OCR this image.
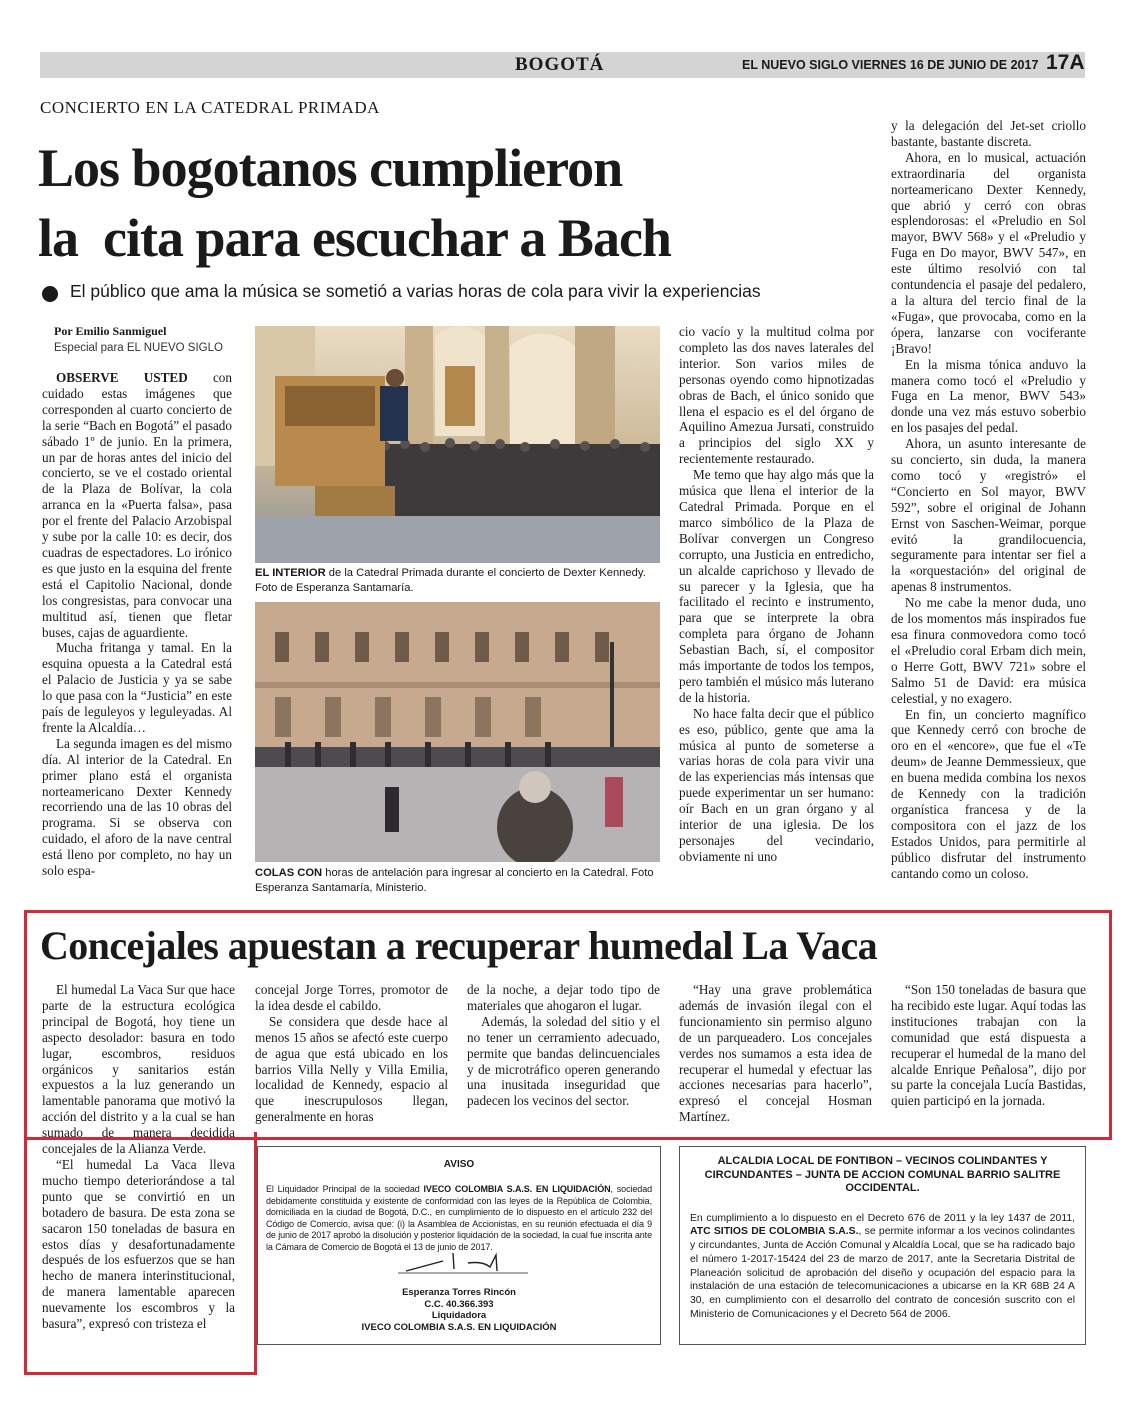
BOGOTÁ	EL NUEVO SIGLO VIERNES 16 DE JUNIO DE 2017 17A
CONCIERTO EN LA CATEDRAL PRIMADA
Los bogotanos cumplieron
la  cita para escuchar a Bach
El público que ama la música se sometió a varias horas de cola para vivir la experiencias
Por Emilio Sanmiguel
Especial para EL NUEVO SIGLO

OBSERVE USTED con cuidado estas imágenes que corresponden al cuarto concierto de la serie “Bach en Bogotá” el pasado sábado 1º de junio. En la primera, un par de horas antes del inicio del concierto, se ve el costado oriental de la Plaza de Bolívar, la cola arranca en la «Puerta falsa», pasa por el frente del Palacio Arzobispal y sube por la calle 10: es decir, dos cuadras de espectadores. Lo irónico es que justo en la esquina del frente está el Capitolio Nacional, donde los congresistas, para convocar una multitud así, tienen que fletar buses, cajas de aguardiente.

Mucha fritanga y tamal. En la esquina opuesta a la Catedral está el Palacio de Justicia y ya se sabe lo que pasa con la “Justicia” en este país de leguleyos y leguleyadas. Al frente la Alcaldía…

La segunda imagen es del mismo día. Al interior de la Catedral. En primer plano está el organista norteamericano Dexter Kennedy recorriendo una de las 10 obras del programa. Si se observa con cuidado, el aforo de la nave central está lleno por completo, no hay un solo espa-

EL INTERIOR de la Catedral Primada durante el concierto de Dexter Kennedy. Foto de Esperanza Santamaría.
COLAS CON horas de antelación para ingresar al concierto en la Catedral. Foto Esperanza Santamaría, Ministerio.

cio vacío y la multitud colma por completo las dos naves laterales del interior. Son varios miles de personas oyendo como hipnotizadas obras de Bach, el único sonido que llena el espacio es el del órgano de Aquilino Amezua Jursati, construido a principios del siglo XX y recientemente restaurado.

Me temo que hay algo más que la música que llena el interior de la Catedral Primada. Porque en el marco simbólico de la Plaza de Bolívar convergen un Congreso corrupto, una Justicia en entredicho, un alcalde caprichoso y llevado de su parecer y la Iglesia, que ha facilitado el recinto e instrumento, para que se interprete la obra completa para órgano de Johann Sebastian Bach, sí, el compositor más importante de todos los tempos, pero también el músico más luterano de la historia.

No hace falta decir que el público es eso, público, gente que ama la música al punto de someterse a varias horas de cola para vivir una de las experiencias más intensas que puede experimentar un ser humano: oír Bach en un gran órgano y al interior de una iglesia. De los personajes del vecindario, obviamente ni uno

y la delegación del Jet-set criollo bastante, bastante discreta.

Ahora, en lo musical, actuación extraordinaria del organista norteamericano Dexter Kennedy, que abrió y cerró con obras esplendorosas: el «Preludio en Sol mayor, BWV 568» y el «Preludio y Fuga en Do mayor, BWV 547», en este último resolvió con tal contundencia el pasaje del pedalero, a la altura del tercio final de la «Fuga», que provocaba, como en la ópera, lanzarse con vociferante ¡Bravo!

En la misma tónica anduvo la manera como tocó el «Preludio y Fuga en La menor, BWV 543» donde una vez más estuvo soberbio en los pasajes del pedal.

Ahora, un asunto interesante de su concierto, sin duda, la manera como tocó y «registró» el “Concierto en Sol mayor, BWV 592”, sobre el original de Johann Ernst von Saschen-Weimar, porque evitó la grandilocuencia, seguramente para intentar ser fiel a la «orquestación» del original de apenas 8 instrumentos.

No me cabe la menor duda, uno de los momentos más inspirados fue esa finura conmovedora como tocó el «Preludio coral Erbam dich mein, o Herre Gott, BWV 721» sobre el Salmo 51 de David: era música celestial, y no exagero.

En fin, un concierto magnífico que Kennedy cerró con broche de oro en el «encore», que fue el «Te deum» de Jeanne Demmessieux, que en buena medida combina los nexos de Kennedy con la tradición organística francesa y de la compositora con el jazz de los Estados Unidos, para permitirle al público disfrutar del instrumento cantando como un coloso.

Concejales apuestan a recuperar humedal La Vaca

El humedal La Vaca Sur que hace parte de la estructura ecológica principal de Bogotá, hoy tiene un aspecto desolador: basura en todo lugar, escombros, residuos orgánicos y sanitarios están expuestos a la luz generando un lamentable panorama que motivó la acción del distrito y a la cual se han sumado de manera decidida concejales de la Alianza Verde.

“El humedal La Vaca lleva mucho tiempo deteriorándose a tal punto que se convirtió en un botadero de basura. De esta zona se sacaron 150 toneladas de basura en estos días y desafortunadamente después de los esfuerzos que se han hecho de manera interinstitucional, de manera lamentable aparecen nuevamente los escombros y la basura”, expresó con tristeza el

concejal Jorge Torres, promotor de la idea desde el cabildo.

Se considera que desde hace al menos 15 años se afectó este cuerpo de agua que está ubicado en los barrios Villa Nelly y Villa Emilia, localidad de Kennedy, espacio al que inescrupulosos llegan, generalmente en horas

de la noche, a dejar todo tipo de materiales que ahogaron el lugar.

Además, la soledad del sitio y el no tener un cerramiento adecuado, permite que bandas delincuenciales y de microtráfico operen generando una inusitada inseguridad que padecen los vecinos del sector.

“Hay una grave problemática además de invasión ilegal con el funcionamiento sin permiso alguno de un parqueadero. Los concejales verdes nos sumamos a esta idea de recuperar el humedal y efectuar las acciones necesarias para hacerlo”, expresó el concejal Hosman Martínez.

“Son 150 toneladas de basura que ha recibido este lugar. Aquí todas las instituciones trabajan con la comunidad que está dispuesta a recuperar el humedal de la mano del alcalde Enrique Peñalosa”, dijo por su parte la concejala Lucía Bastidas, quien participó en la jornada.

AVISO
El Liquidador Principal de la sociedad IVECO COLOMBIA S.A.S. EN LIQUIDACIÓN, sociedad debidamente constituida y existente de conformidad con las leyes de la República de Colombia, domiciliada en la ciudad de Bogotá, D.C., en cumplimiento de lo dispuesto en el artículo 232 del Código de Comercio, avisa que: (i) la Asamblea de Accionistas, en su reunión efectuada el día 9 de junio de 2017 aprobó la disolución y posterior liquidación de la sociedad, la cual fue inscrita ante la Cámara de Comercio de Bogotá el 13 de junio de 2017.
Esperanza Torres Rincón
C.C. 40.366.393
Liquidadora
IVECO COLOMBIA S.A.S. EN LIQUIDACIÓN
ALCALDIA LOCAL DE FONTIBON – VECINOS COLINDANTES Y CIRCUNDANTES – JUNTA DE ACCION COMUNAL BARRIO SALITRE OCCIDENTAL.
En cumplimiento a lo dispuesto en el Decreto 676 de 2011 y la ley 1437 de 2011, ATC SITIOS DE COLOMBIA S.A.S., se permite informar a los vecinos colindantes y circundantes, Junta de Acción Comunal y Alcaldía Local, que se ha radicado bajo el número 1-2017-15424 del 23 de marzo de 2017, ante la Secretaria Distrital de Planeación solicitud de aprobación del diseño y ocupación del espacio para la instalación de una estación de telecomunicaciones a ubicarse en la KR 68B 24 A 30, en cumplimiento con el desarrollo del contrato de concesión suscrito con el Ministerio de Comunicaciones y el Decreto 564 de 2006.
